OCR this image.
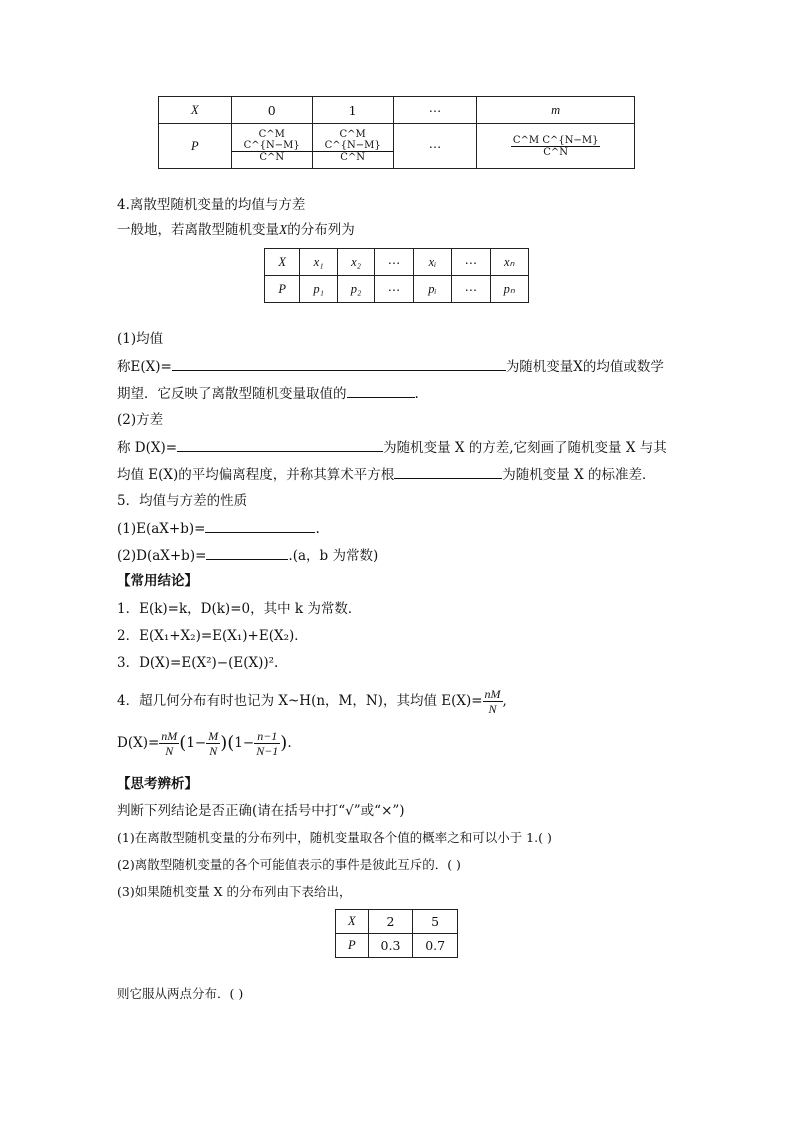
X	0	1	⋯	m
P	$\frac{\text{C\textasciicircum{}M C\textasciicircum{}\{N−M\}}}{C\^{}N}$	$\frac{\text{C\textasciicircum{}M C\textasciicircum{}\{N−M\}}}{C\^{}N}$	⋯	$\frac{\text{C\textasciicircum{}M C\textasciicircum{}\{N−M\}}}{C\^{}N}$
4.离散型随机变量的均值与方差
一般地，若离散型随机变量X的分布列为
X	x₁	x₂	⋯	xᵢ	⋯	xₙ
P	p₁	p₂	⋯	pᵢ	⋯	pₙ
(1)均值
称E(X)=	为随机变量X的均值或数学
期望．它反映了离散型随机变量取值的	.
(2)方差
称 D(X)=	为随机变量 X 的方差,它刻画了随机变量 X 与其
均值 E(X)的平均偏离程度，并称其算术平方根	为随机变量 X 的标准差．
5．均值与方差的性质
(1)E(aX+b)=	.
(2)D(aX+b)=	.(a，b 为常数)
【常用结论】
1．E(k)=k，D(k)=0，其中 k 为常数．
2．E(X₁+X₂)=E(X₁)+E(X₂)．
3．D(X)=E(X²)−(E(X))².
4．超几何分布有时也记为 X~H(n，M，N)，其均值 $E(X)= \frac{nM}{N}$ ,
$D(X)= \frac{nM}{N} (1- \frac{M}{N} )(1- \frac{n-1}{N-1}$ ).
【思考辨析】
判断下列结论是否正确(请在括号中打“√”或“×”)
(1)在离散型随机变量的分布列中，随机变量取各个值的概率之和可以小于 1.( )
(2)离散型随机变量的各个可能值表示的事件是彼此互斥的．( )
(3)如果随机变量 X 的分布列由下表给出，
X	2	5
P	0.3	0.7
则它服从两点分布．( )
